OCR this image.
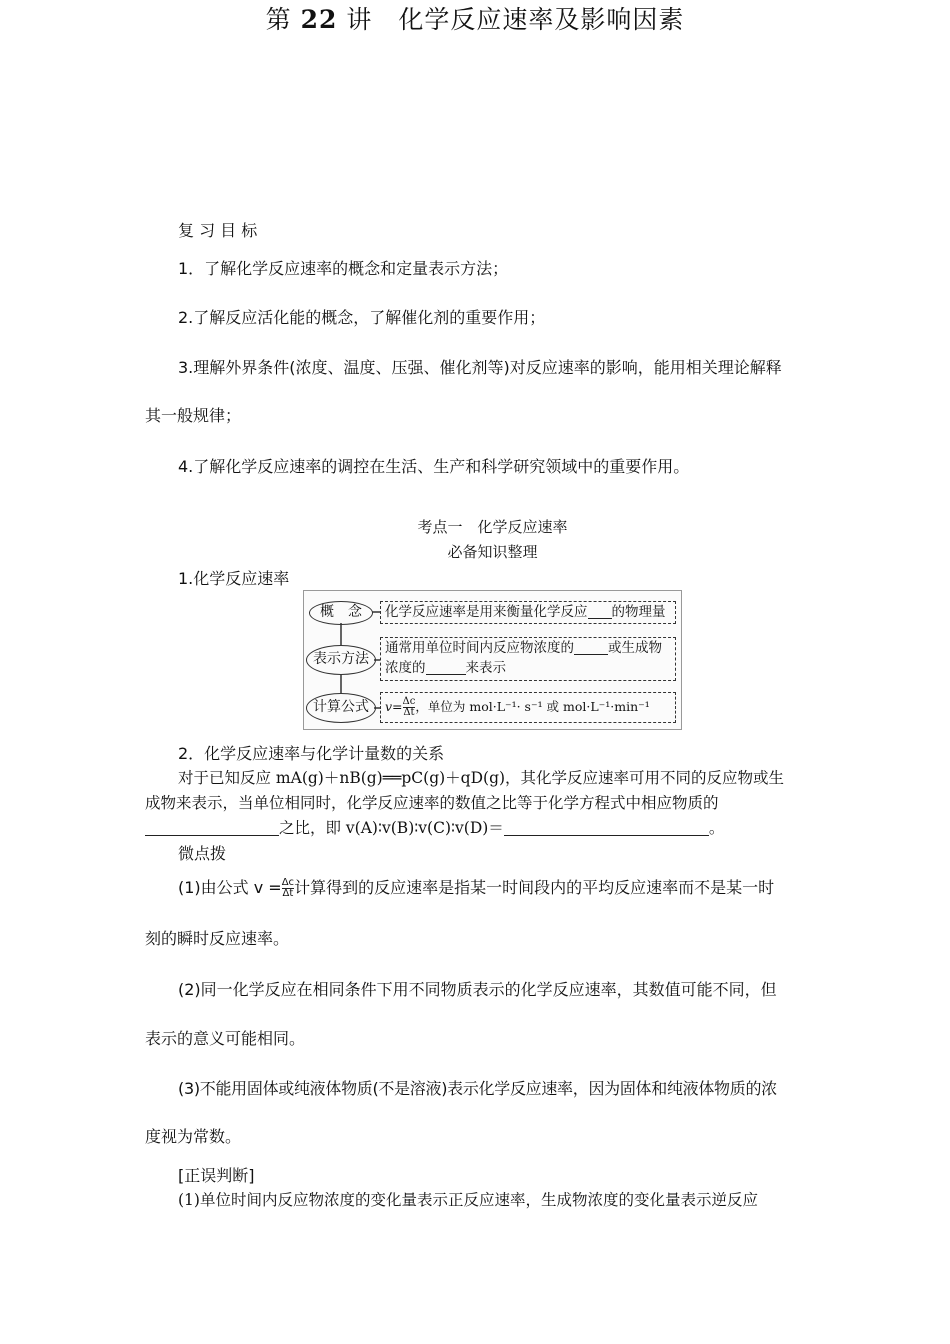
第 22 讲　化学反应速率及影响因素
复 习 目 标
1．了解化学反应速率的概念和定量表示方法；
2.了解反应活化能的概念，了解催化剂的重要作用；
3.理解外界条件(浓度、温度、压强、催化剂等)对反应速率的影响，能用相关理论解释
其一般规律；
4.了解化学反应速率的调控在生活、生产和科学研究领域中的重要作用。
考点一　化学反应速率
必备知识整理
1.化学反应速率
概　念
表示方法
计算公式
化学反应速率是用来衡量化学反应 的物理量
通常用单位时间内反应物浓度的	或生成物
浓度的	来表示
$v= \frac{\Delta c}{\Delta t}$ ，单位为 mol·L⁻¹· s⁻¹ 或 mol·L⁻¹·min⁻¹
2．化学反应速率与化学计量数的关系
对于已知反应 mA(g)＋nB(g)══pC(g)＋qD(g)，其化学反应速率可用不同的反应物或生
成物来表示，当单位相同时，化学反应速率的数值之比等于化学方程式中相应物质的
之比，即 v(A)∶v(B)∶v(C)∶v(D)＝	。
微点拨
(1)由公式 $v = \frac{\Delta c}{\Delta t}$ 计算得到的反应速率是指某一时间段内的平均反应速率而不是某一时
刻的瞬时反应速率。
(2)同一化学反应在相同条件下用不同物质表示的化学反应速率，其数值可能不同，但
表示的意义可能相同。
(3)不能用固体或纯液体物质(不是溶液)表示化学反应速率，因为固体和纯液体物质的浓
度视为常数。
[正误判断]
(1)单位时间内反应物浓度的变化量表示正反应速率，生成物浓度的变化量表示逆反应
